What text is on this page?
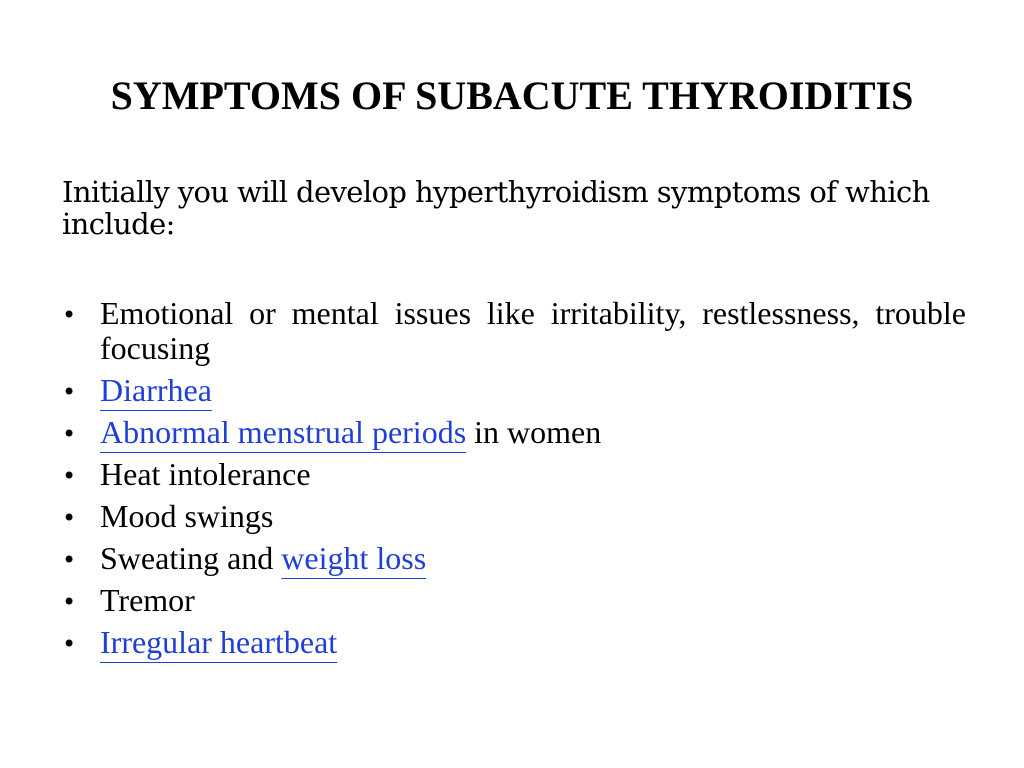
SYMPTOMS OF SUBACUTE THYROIDITIS

Initially you will develop hyperthyroidism symptoms of which include:

• Emotional or mental issues like irritability, restlessness, trouble focusing
• Diarrhea
• Abnormal menstrual periods in women
• Heat intolerance
• Mood swings
• Sweating and weight loss
• Tremor
• Irregular heartbeat
